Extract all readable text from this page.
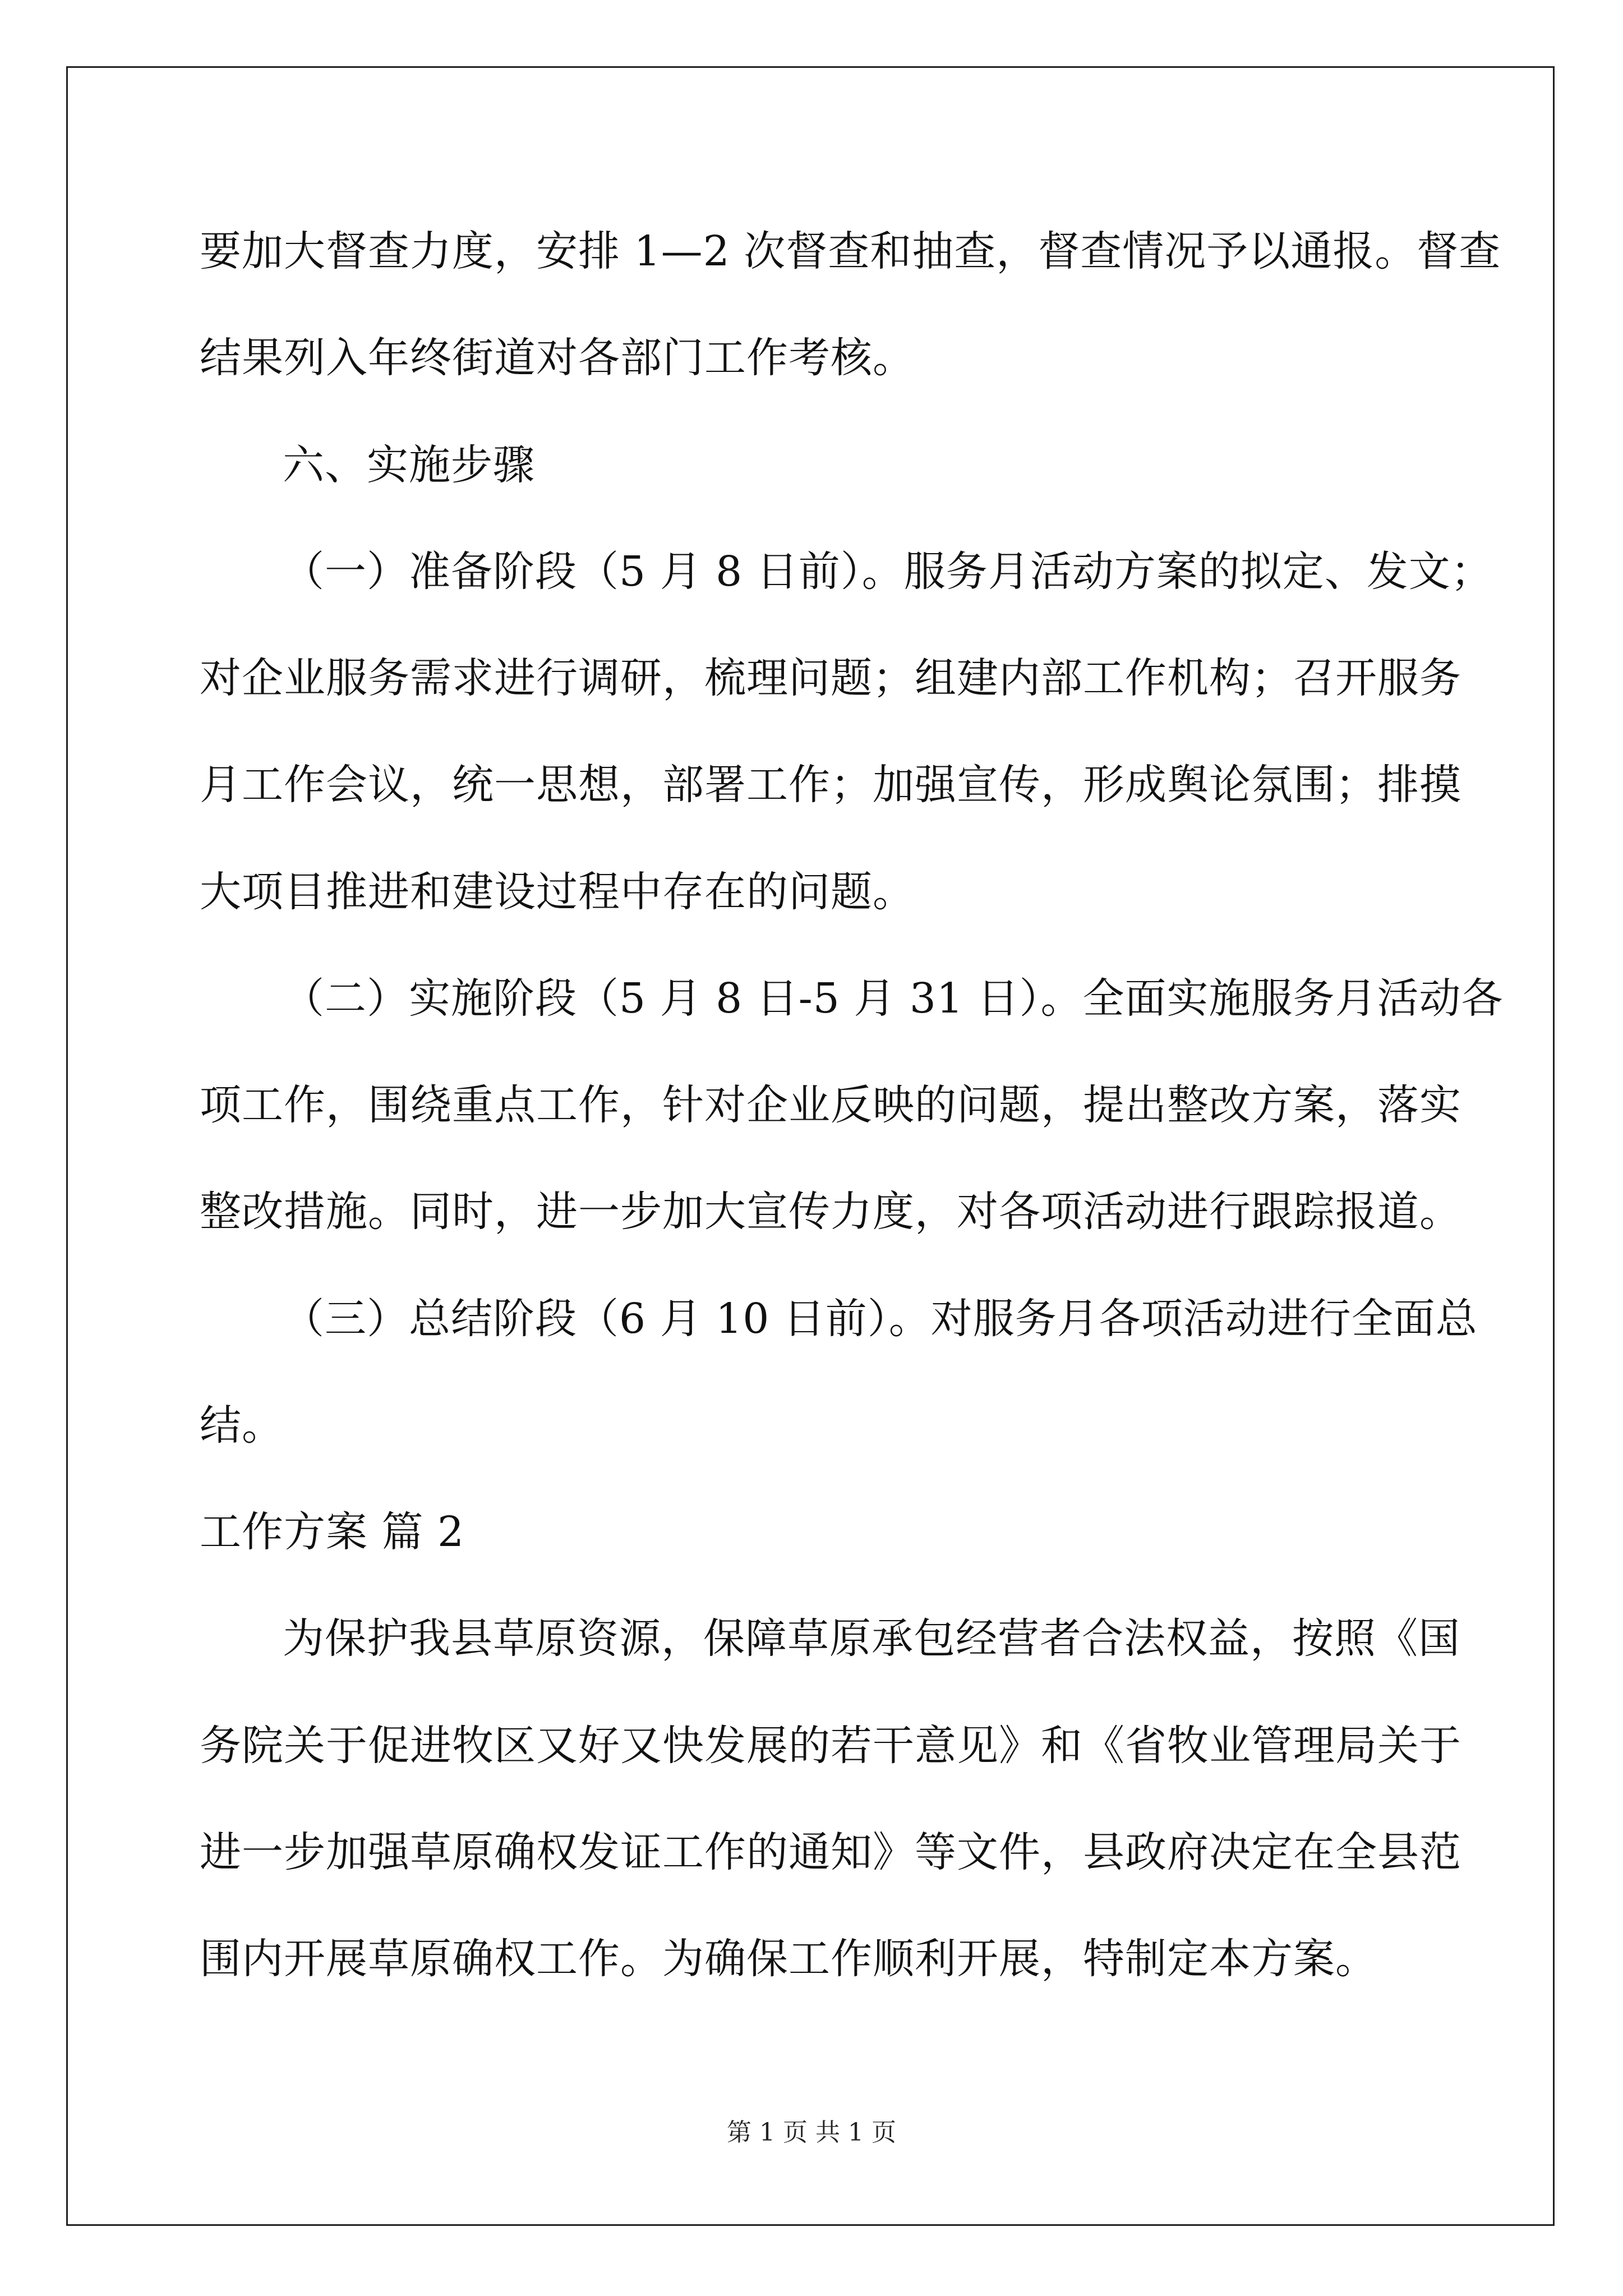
要加大督查力度，安排 1—2 次督查和抽查，督查情况予以通报。督查
结果列入年终街道对各部门工作考核。
六、实施步骤
（一）准备阶段（5 月 8 日前）。服务月活动方案的拟定、发文；
对企业服务需求进行调研，梳理问题；组建内部工作机构；召开服务
月工作会议，统一思想，部署工作；加强宣传，形成舆论氛围；排摸
大项目推进和建设过程中存在的问题。
（二）实施阶段（5 月 8 日-5 月 31 日）。全面实施服务月活动各
项工作，围绕重点工作，针对企业反映的问题，提出整改方案，落实
整改措施。同时，进一步加大宣传力度，对各项活动进行跟踪报道。
（三）总结阶段（6 月 10 日前）。对服务月各项活动进行全面总
结。
工作方案 篇 2
为保护我县草原资源，保障草原承包经营者合法权益，按照《国
务院关于促进牧区又好又快发展的若干意见》和《省牧业管理局关于
进一步加强草原确权发证工作的通知》等文件，县政府决定在全县范
围内开展草原确权工作。为确保工作顺利开展，特制定本方案。
第 1 页 共 1 页
